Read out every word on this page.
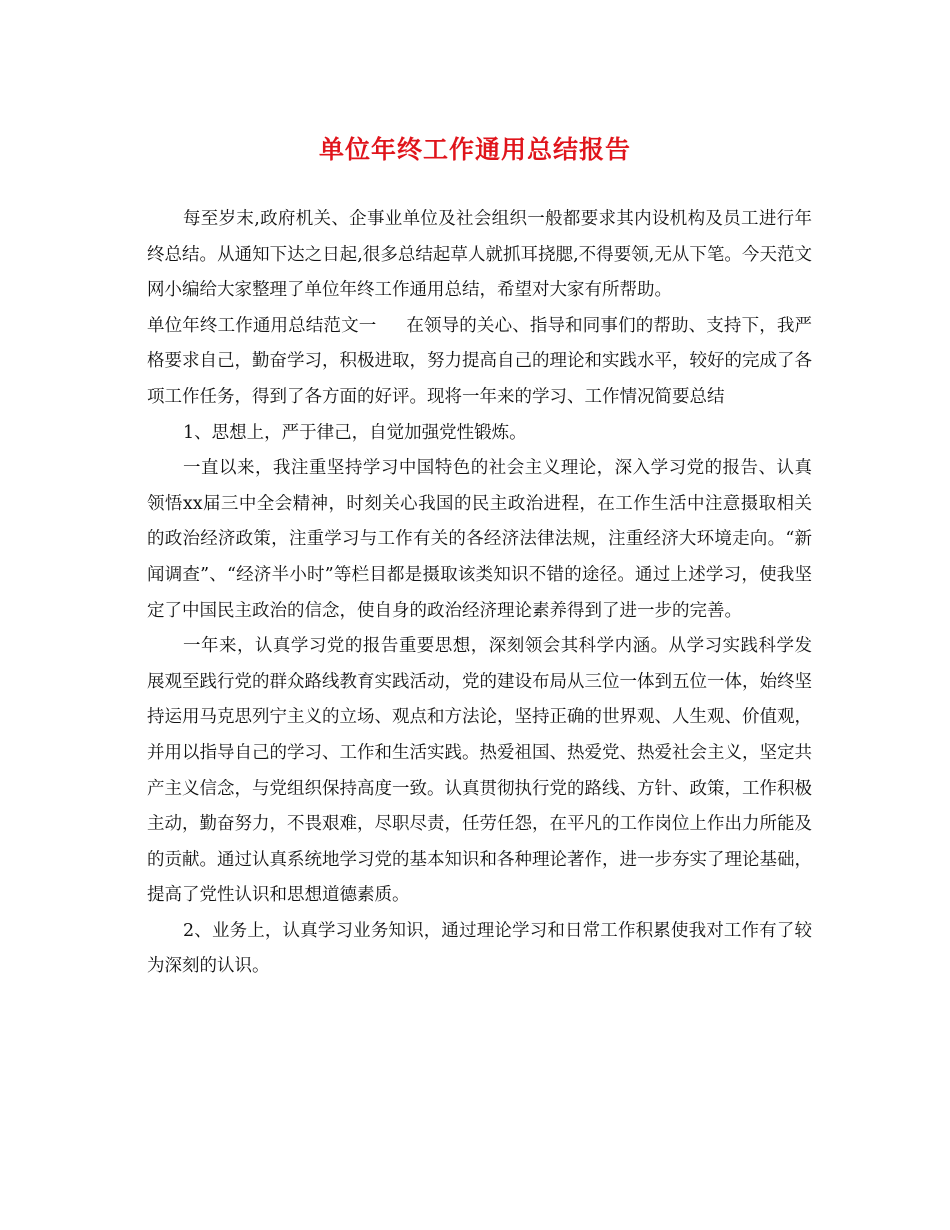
单位年终工作通用总结报告

每至岁末,政府机关、企事业单位及社会组织一般都要求其内设机构及员工进行年终总结。从通知下达之日起,很多总结起草人就抓耳挠腮,不得要领,无从下笔。今天范文网小编给大家整理了单位年终工作通用总结，希望对大家有所帮助。

单位年终工作通用总结范文一 在领导的关心、指导和同事们的帮助、支持下，我严格要求自己，勤奋学习，积极进取，努力提高自己的理论和实践水平，较好的完成了各项工作任务，得到了各方面的好评。现将一年来的学习、工作情况简要总结

1、思想上，严于律己，自觉加强党性锻炼。

一直以来，我注重坚持学习中国特色的社会主义理论，深入学习党的报告、认真领悟xx届三中全会精神，时刻关心我国的民主政治进程，在工作生活中注意摄取相关的政治经济政策，注重学习与工作有关的各经济法律法规，注重经济大环境走向。“新闻调查”、“经济半小时”等栏目都是摄取该类知识不错的途径。通过上述学习，使我坚定了中国民主政治的信念，使自身的政治经济理论素养得到了进一步的完善。

一年来，认真学习党的报告重要思想，深刻领会其科学内涵。从学习实践科学发展观至践行党的群众路线教育实践活动，党的建设布局从三位一体到五位一体，始终坚持运用马克思列宁主义的立场、观点和方法论，坚持正确的世界观、人生观、价值观，并用以指导自己的学习、工作和生活实践。热爱祖国、热爱党、热爱社会主义，坚定共产主义信念，与党组织保持高度一致。认真贯彻执行党的路线、方针、政策，工作积极主动，勤奋努力，不畏艰难，尽职尽责，任劳任怨，在平凡的工作岗位上作出力所能及的贡献。通过认真系统地学习党的基本知识和各种理论著作，进一步夯实了理论基础，提高了党性认识和思想道德素质。

2、业务上，认真学习业务知识，通过理论学习和日常工作积累使我对工作有了较为深刻的认识。
